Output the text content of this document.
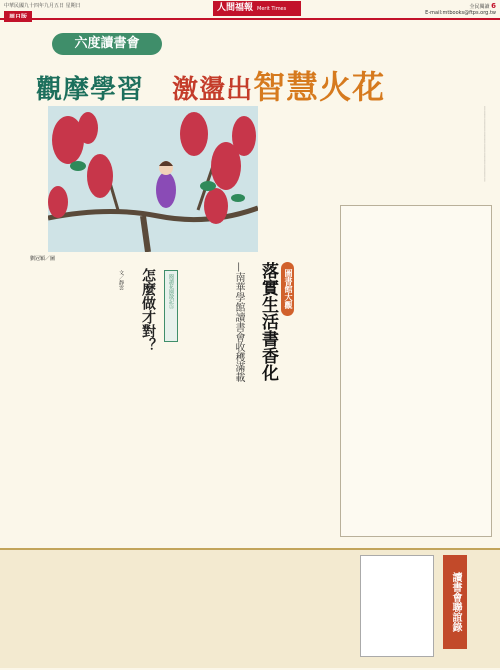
中華民國九十四年九月五日 星期日	人間福報 Merit Times	全民閱讀 6
E-mail:mtbooks@ftps.org.tw
六度讀書會
觀摩學習 激盪出智慧火花
劉冠穎／圖
＿＿＿＿＿＿＿＿＿＿＿＿＿＿＿＿＿＿
閱讀花園散記⑤
怎麼做才對？
文／靜雲	圖書館大觀
落實生活書香化
—南華學館讀書會收穫滿載
讀書會聯誼錄
